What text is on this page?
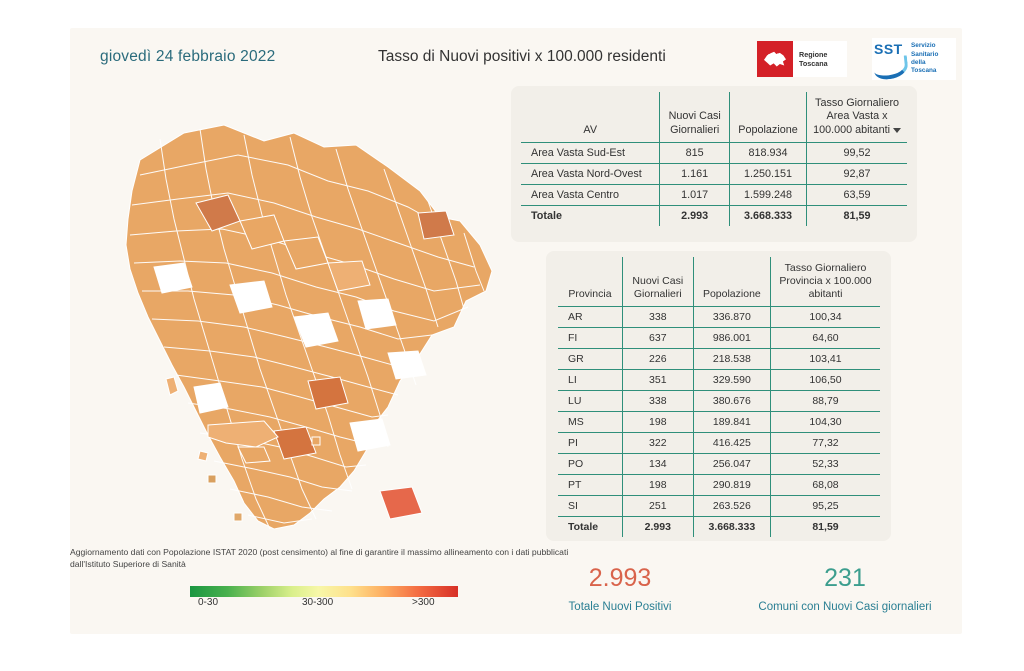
giovedì 24 febbraio 2022	Tasso di Nuovi positivi x 100.000 residenti	Regione Toscana
SST Servizio
Sanitario
della
Toscana
AV	Nuovi Casi Giornalieri	Popolazione	Tasso Giornaliero Area Vasta x 100.000 abitanti
Area Vasta Sud-Est	815	818.934	99,52
Area Vasta Nord-Ovest	1.161	1.250.151	92,87
Area Vasta Centro	1.017	1.599.248	63,59
Totale	2.993	3.668.333	81,59
Provincia	Nuovi Casi Giornalieri	Popolazione	Tasso Giornaliero Provincia x 100.000 abitanti
AR	338	336.870	100,34
FI	637	986.001	64,60
GR	226	218.538	103,41
LI	351	329.590	106,50
LU	338	380.676	88,79
MS	198	189.841	104,30
PI	322	416.425	77,32
PO	134	256.047	52,33
PT	198	290.819	68,08
SI	251	263.526	95,25
Totale	2.993	3.668.333	81,59
Aggiornamento dati con Popolazione ISTAT 2020 (post censimento) al fine di garantire il massimo allineamento con i dati pubblicati dall'Istituto Superiore di Sanità
0-30	30-300	>300
2.993
Totale Nuovi Positivi
231
Comuni con Nuovi Casi giornalieri
